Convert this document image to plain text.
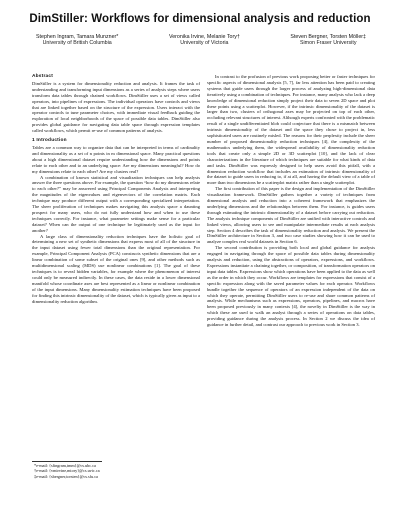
DimStiller: Workflows for dimensional analysis and reduction
Stephen Ingram, Tamara Munzner*
University of British Columbia
Veronika Irvine, Melanie Tory†
University of Victoria
Steven Bergner, Torsten Möller‡
Simon Fraser University
Abstract

DimStiller is a system for dimensionality reduction and analysis. It frames the task of understanding and transforming input dimensions as a series of analysis steps where users transform data tables through chained workflows. DimStiller uses a set of views called operators, into pipelines of expressions. The individual operators have controls and views that are linked together based on the structure of the expression. Users interact with the operator controls to tune parameter choices, with immediate visual feedback guiding the exploration of local neighborhoods of the space of possible data tables. DimStiller also provides global guidance for navigating data table space through expression templates called workflows, which permit re-use of common patterns of analysis.

1 Introduction

Tables are a common way to organize data that can be interpreted in terms of cardinality and dimensionality as a set of n points in m dimensional space. Many practical questions about a high dimensional dataset require understanding how the dimensions and points relate to each other and to an underlying space: Are my dimensions meaningful? How do my dimensions relate to each other? Are my clusters real?

A combination of known statistical and visualization techniques can help analysts answer the three questions above. For example, the question “how do my dimensions relate to each other?” may be answered using Principal Components Analysis and interpreting the magnitudes of the eigenvalues and eigenvectors of the correlation matrix. Each technique may produce different output with a corresponding specialized interpretation. The sheer proliferation of techniques makes navigating this analysis space a daunting prospect for many users, who do not fully understand how and when to use these techniques correctly. For instance, what parameter settings make sense for a particular dataset? When can the output of one technique be legitimately used as the input for another?

A large class of dimensionality reduction techniques have the holistic goal of determining a new set of synthetic dimensions that express most of all of the structure in the input dataset using fewer total dimensions than the original representation. For example, Principal Component Analysis (PCA) constructs synthetic dimensions that are a linear combination of some subset of the original ones [9], and other methods such as multidimensional scaling (MDS) use nonlinear combinations [1]. The goal of these techniques is to reveal hidden variables, for example where the phenomenon of interest could only be measured indirectly. In these cases, the data reside in a lower dimensional manifold whose coordinate axes are best represented as a linear or nonlinear combination of the input dimensions. Many dimensionality estimation techniques have been proposed for finding this intrinsic dimensionality of the dataset, which is typically given as input to a dimensionality reduction algorithm.

*e-mail: {sfingram,tmm}@cs.ubc.ca
†e-mail: {vmirvine,mtory}@cs.uvic.ca
‡e-mail: {sbergner,torsten}@cs.sfu.ca

In contrast to the profusion of previous work proposing better or faster techniques for specific aspects of dimensional analysis [5, 7], far less attention has been paid to creating systems that guide users through the larger process of analyzing high-dimensional data iteratively using a combination of techniques. For instance, many analysts who lack a deep knowledge of dimensional reduction simply project their data to seven 2D space and plot these points using a scatterplot. However, if the intrinsic dimensionality of the dataset is larger than two, clusters of orthogonal axes may be projected on top of each other, occluding relevant structures of interest. Although experts confronted with the problematic result of a single undifferentiated blob could conjecture that there is a mismatch between intrinsic dimensionality of the dataset and the space they chose to project in, less sophisticated users are routinely misled. The reasons for their perplexity include the sheer number of proposed dimensionality reduction techniques [4], the complexity of the mathematics underlying them, the widespread availability of dimensionality reduction tools that create only a simple 2D or 3D scatterplot [10], and the lack of clear characterizations in the literature of which techniques are suitable for what kinds of data and tasks. DimStiller was expressly designed to help users avoid this pitfall, with a dimension reduction workflow that includes an estimation of intrinsic dimensionality of the dataset to guide users in reducing to, if at all, and having the default view of a table of more than two dimensions be a scatterplot matrix rather than a single scatterplot.

The first contribution of this paper is the design and implementation of the DimStiller visualization framework. DimStiller gathers together a variety of techniques from dimensional analysis and reduction into a coherent framework that emphasizes the underlying dimensions and the relationships between them. For instance, is guides users through estimating the intrinsic dimensionality of a dataset before carrying out reduction. The analysis technique components of DimStiller are unified with interactive controls and linked views, allowing users to see and manipulate intermediate results at each analysis step. Section 4 describes the task of dimensionality reduction and analysis. We present the DimStiller architecture in Section 3, and two case studies showing how it can be used to analyze complex real world datasets in Section 6.

The second contribution is providing both local and global guidance for analysts engaged in navigating through the space of possible data tables during dimensionality analysis and reduction, using the abstractions of operators, expressions, and workflows. Expressions instantiate a chaining together, or composition, of transformation operators on input data tables. Expressions show which operations have been applied to the data as well as the order in which they occur. Workflows are templates for expressions that consist of a specific expression along with the saved parameter values for each operator. Workflows bundle together the sequence of operators of an expression independent of the data on which they operate, permitting DimStiller users to re-use and share common patterns of analysis. While mechanisms such as expressions, operators, pipelines, and macros have been proposed previously in many contexts [4], the novelty in DimStiller is the way in which these are used to walk an analyst through a series of operations on data tables, providing guidance during the analysis process. In Section 2 we discuss the idea of guidance in further detail, and contrast our approach to previous work in Section 3.
